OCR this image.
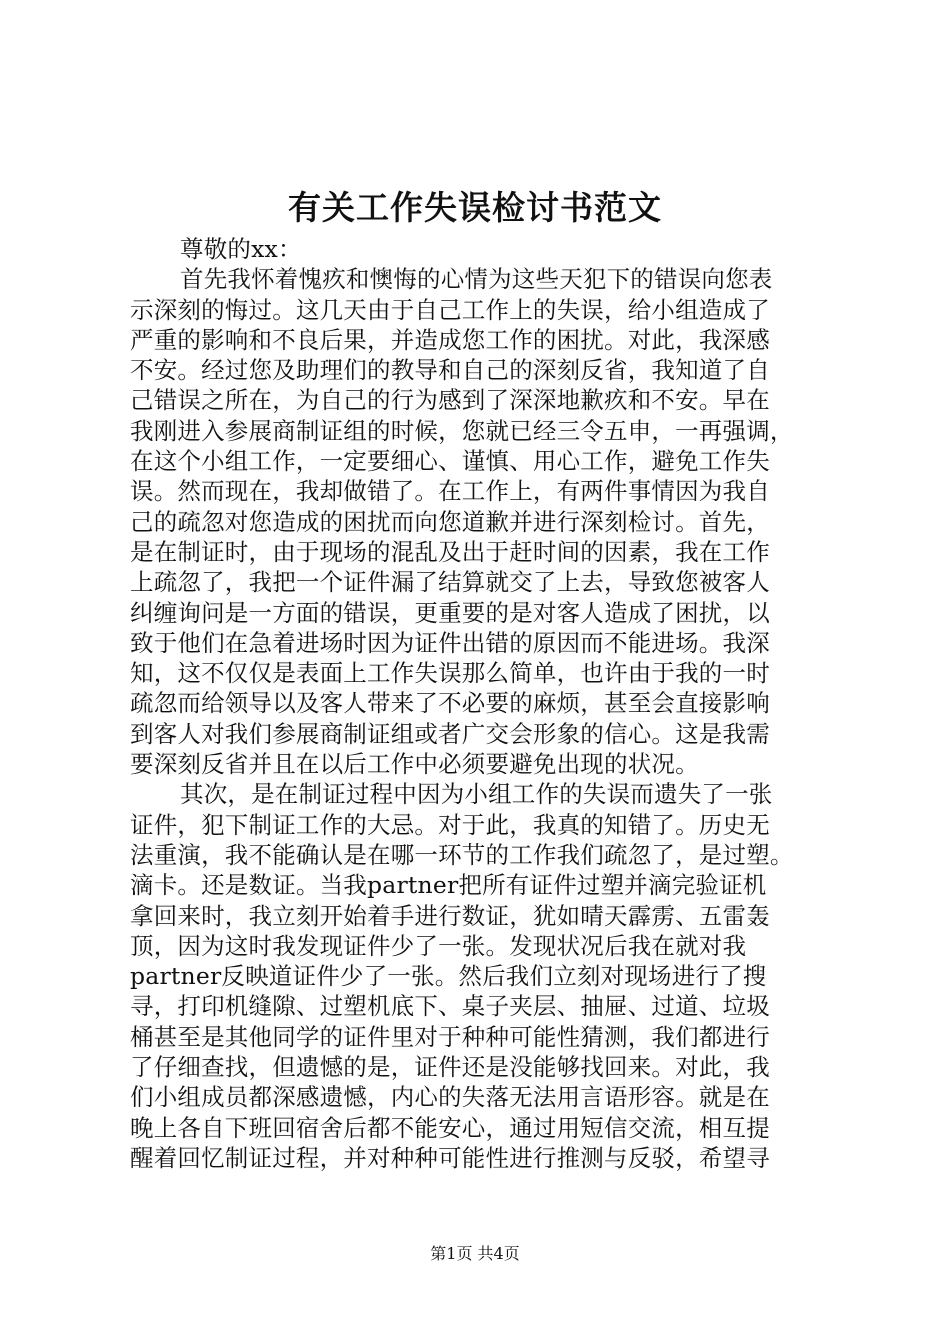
有关工作失误检讨书范文
尊敬的xx：
首先我怀着愧疚和懊悔的心情为这些天犯下的错误向您表
示深刻的悔过。这几天由于自己工作上的失误，给小组造成了
严重的影响和不良后果，并造成您工作的困扰。对此，我深感
不安。经过您及助理们的教导和自己的深刻反省，我知道了自
己错误之所在，为自己的行为感到了深深地歉疚和不安。早在
我刚进入参展商制证组的时候，您就已经三令五申，一再强调，
在这个小组工作，一定要细心、谨慎、用心工作，避免工作失
误。然而现在，我却做错了。在工作上，有两件事情因为我自
己的疏忽对您造成的困扰而向您道歉并进行深刻检讨。首先，
是在制证时，由于现场的混乱及出于赶时间的因素，我在工作
上疏忽了，我把一个证件漏了结算就交了上去，导致您被客人
纠缠询问是一方面的错误，更重要的是对客人造成了困扰，以
致于他们在急着进场时因为证件出错的原因而不能进场。我深
知，这不仅仅是表面上工作失误那么简单，也许由于我的一时
疏忽而给领导以及客人带来了不必要的麻烦，甚至会直接影响
到客人对我们参展商制证组或者广交会形象的信心。这是我需
要深刻反省并且在以后工作中必须要避免出现的状况。
其次，是在制证过程中因为小组工作的失误而遗失了一张
证件，犯下制证工作的大忌。对于此，我真的知错了。历史无
法重演，我不能确认是在哪一环节的工作我们疏忽了，是过塑。
滴卡。还是数证。当我partner把所有证件过塑并滴完验证机
拿回来时，我立刻开始着手进行数证，犹如晴天霹雳、五雷轰
顶，因为这时我发现证件少了一张。发现状况后我在就对我
partner反映道证件少了一张。然后我们立刻对现场进行了搜
寻，打印机缝隙、过塑机底下、桌子夹层、抽屉、过道、垃圾
桶甚至是其他同学的证件里对于种种可能性猜测，我们都进行
了仔细查找，但遗憾的是，证件还是没能够找回来。对此，我
们小组成员都深感遗憾，内心的失落无法用言语形容。就是在
晚上各自下班回宿舍后都不能安心，通过用短信交流，相互提
醒着回忆制证过程，并对种种可能性进行推测与反驳，希望寻
第1页 共4页
